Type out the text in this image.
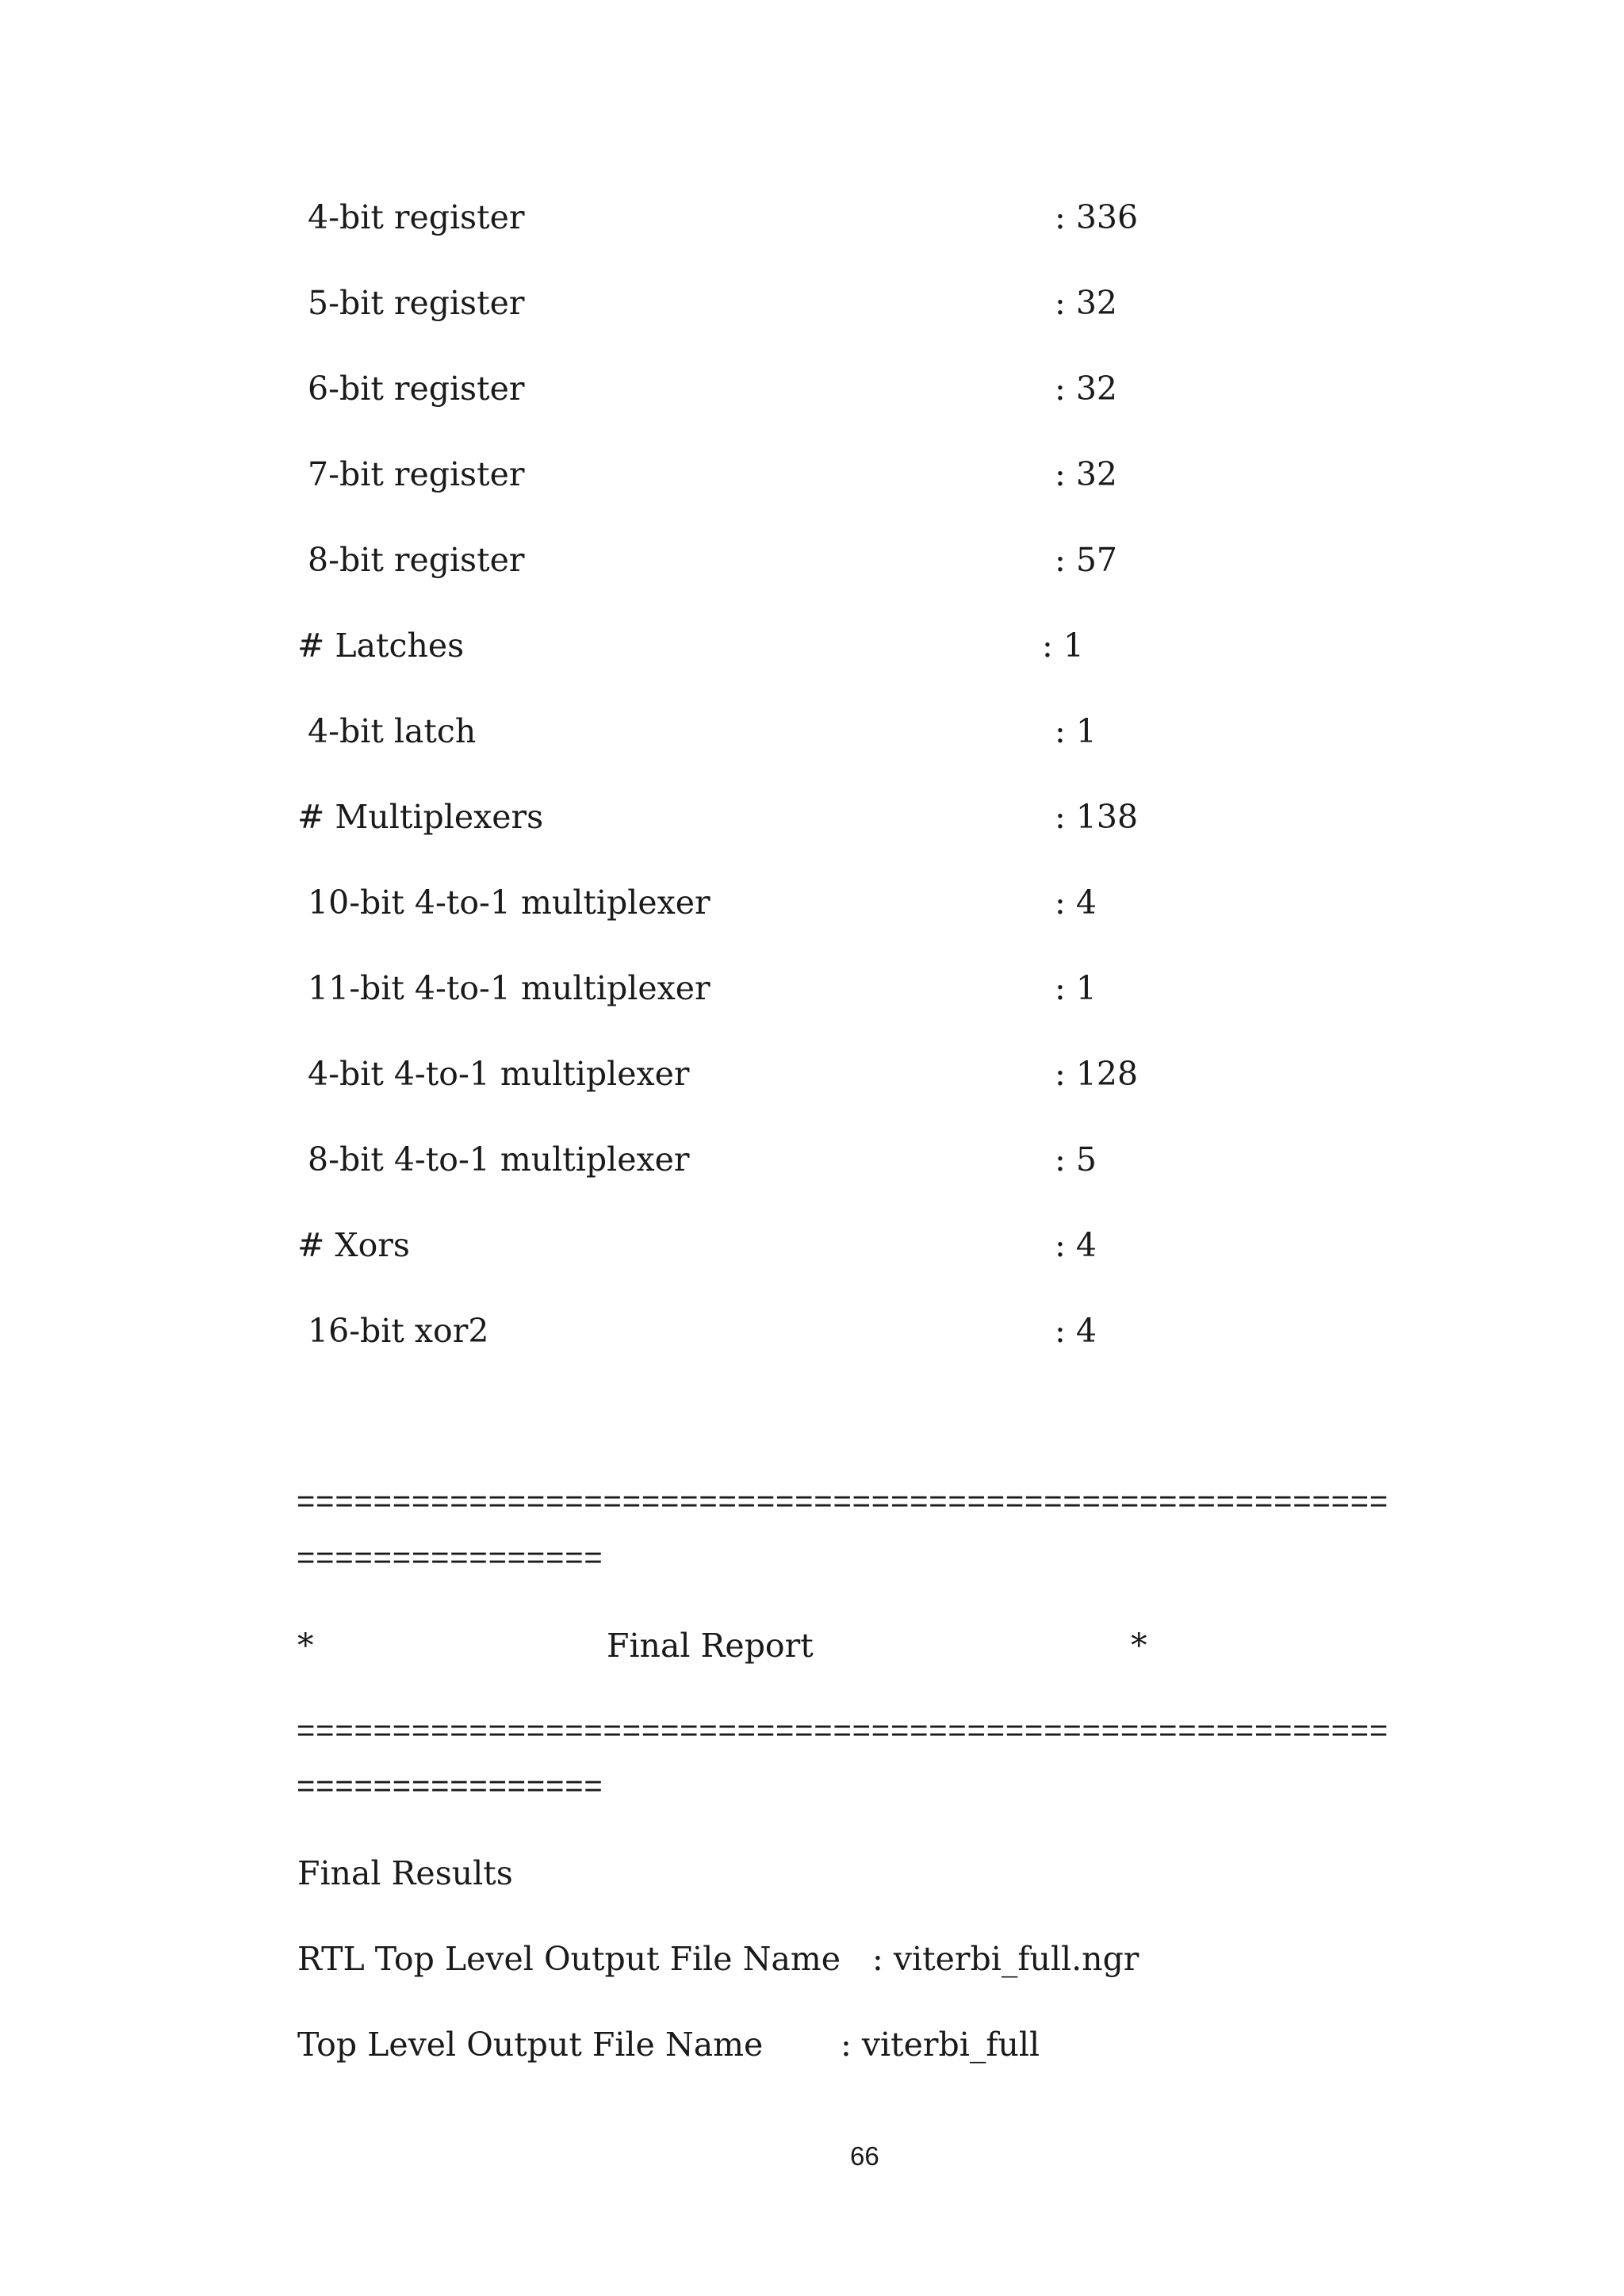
4-bit register	: 336

5-bit register	: 32

6-bit register	: 32

7-bit register	: 32

8-bit register	: 57

# Latches	: 1

4-bit latch	: 1

# Multiplexers	: 138

10-bit 4-to-1 multiplexer	: 4

11-bit 4-to-1 multiplexer	: 1

4-bit 4-to-1 multiplexer	: 128

8-bit 4-to-1 multiplexer	: 5

# Xors	: 4

16-bit xor2	: 4

=========================================================

================

*	Final Report	*

=========================================================

================

Final Results

RTL Top Level Output File Name : viterbi_full.ngr

Top Level Output File Name : viterbi_full

66
